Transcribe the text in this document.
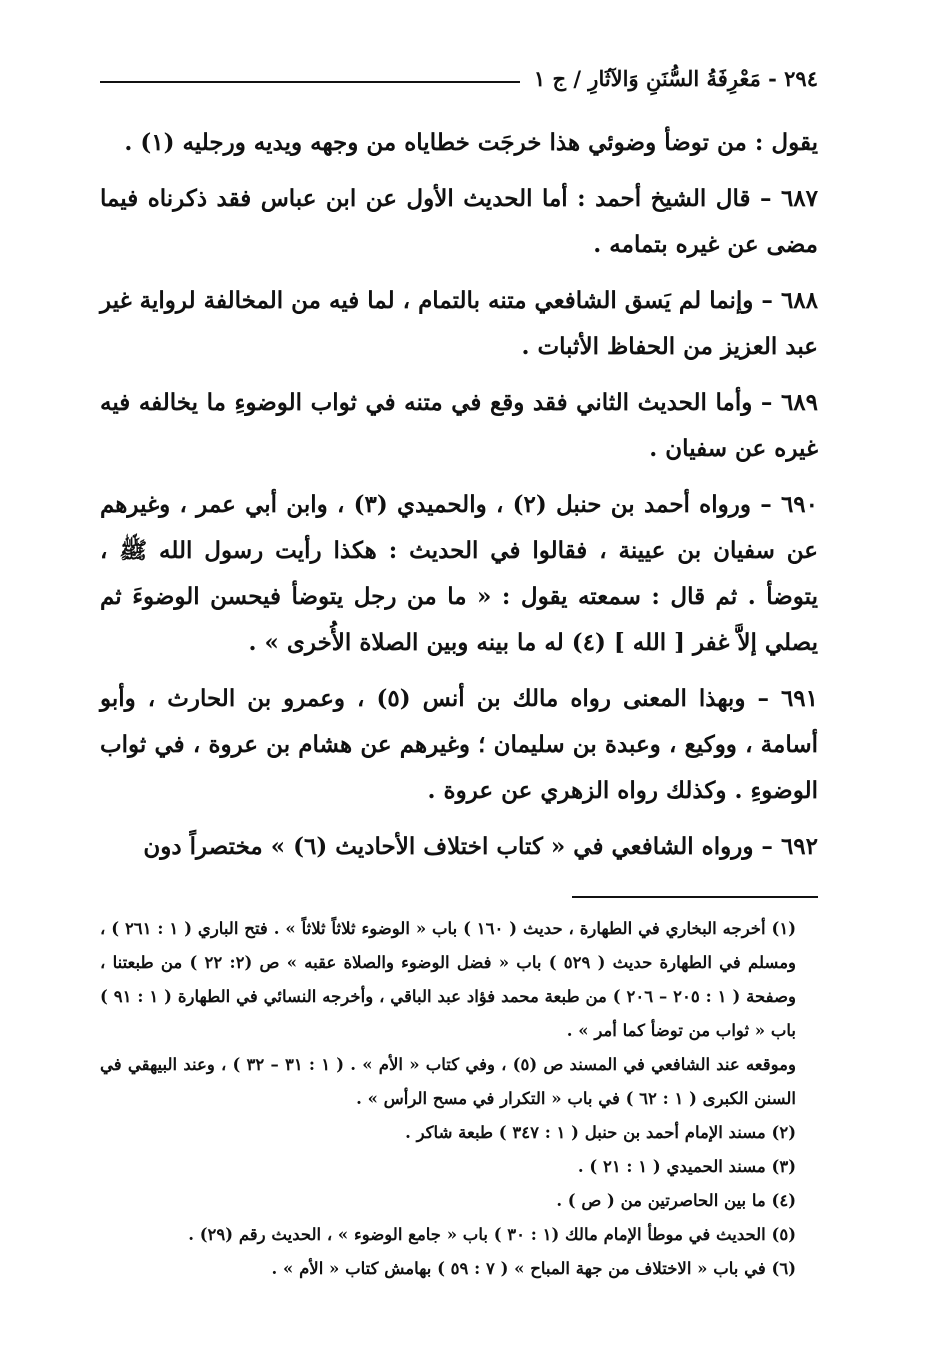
٢٩٤ - مَعْرِفَةُ السُّنَنِ وَالآثَارِ / ج ١

يقول : من توضأ وضوئي هذا خرجَت خطاياه من وجهه ويديه ورجليه (١) .

٦٨٧ – قال الشيخ أحمد : أما الحديث الأول عن ابن عباس فقد ذكرناه فيما مضى عن غيره بتمامه .

٦٨٨ – وإنما لم يَسق الشافعي متنه بالتمام ، لما فيه من المخالفة لرواية غير عبد العزيز من الحفاظ الأثبات .

٦٨٩ – وأما الحديث الثاني فقد وقع في متنه في ثواب الوضوءِ ما يخالفه فيه غيره عن سفيان .

٦٩٠ – ورواه أحمد بن حنبل (٢) ، والحميدي (٣) ، وابن أبي عمر ، وغيرهم عن سفيان بن عيينة ، فقالوا في الحديث : هكذا رأيت رسول الله ﷺ ، يتوضأ . ثم قال : سمعته يقول : « ما من رجل يتوضأ فيحسن الوضوءَ ثم يصلي إلاَّ غفر [ الله ] (٤) له ما بينه وبين الصلاة الأُخرى » .

٦٩١ – وبهذا المعنى رواه مالك بن أنس (٥) ، وعمرو بن الحارث ، وأبو أسامة ، ووكيع ، وعبدة بن سليمان ؛ وغيرهم عن هشام بن عروة ، في ثواب الوضوءِ . وكذلك رواه الزهري عن عروة .

٦٩٢ – ورواه الشافعي في « كتاب اختلاف الأحاديث (٦) » مختصراً دون

(١) أخرجه البخاري في الطهارة ، حديث ( ١٦٠ ) باب « الوضوء ثلاثاً ثلاثاً » . فتح الباري ( ١ : ٢٦١ ) ، ومسلم في الطهارة حديث ( ٥٢٩ ) باب « فضل الوضوء والصلاة عقبه » ص (٢: ٢٢ ) من طبعتنا ، وصفحة ( ١ : ٢٠٥ – ٢٠٦ ) من طبعة محمد فؤاد عبد الباقي ، وأخرجه النسائي في الطهارة ( ١ : ٩١ ) باب « ثواب من توضأ كما أمر » .

وموقعه عند الشافعي في المسند ص (٥) ، وفي كتاب « الأم » . ( ١ : ٣١ – ٣٢ ) ، وعند البيهقي في السنن الكبرى ( ١ : ٦٢ ) في باب « التكرار في مسح الرأس » .

(٢) مسند الإمام أحمد بن حنبل ( ١ : ٣٤٧ ) طبعة شاكر .

(٣) مسند الحميدي ( ١ : ٢١ ) .

(٤) ما بين الحاصرتين من ( ص ) .

(٥) الحديث في موطأ الإمام مالك (١ : ٣٠ ) باب « جامع الوضوء » ، الحديث رقم (٢٩) .

(٦) في باب « الاختلاف من جهة المباح » ( ٧ : ٥٩ ) بهامش كتاب « الأم » .
